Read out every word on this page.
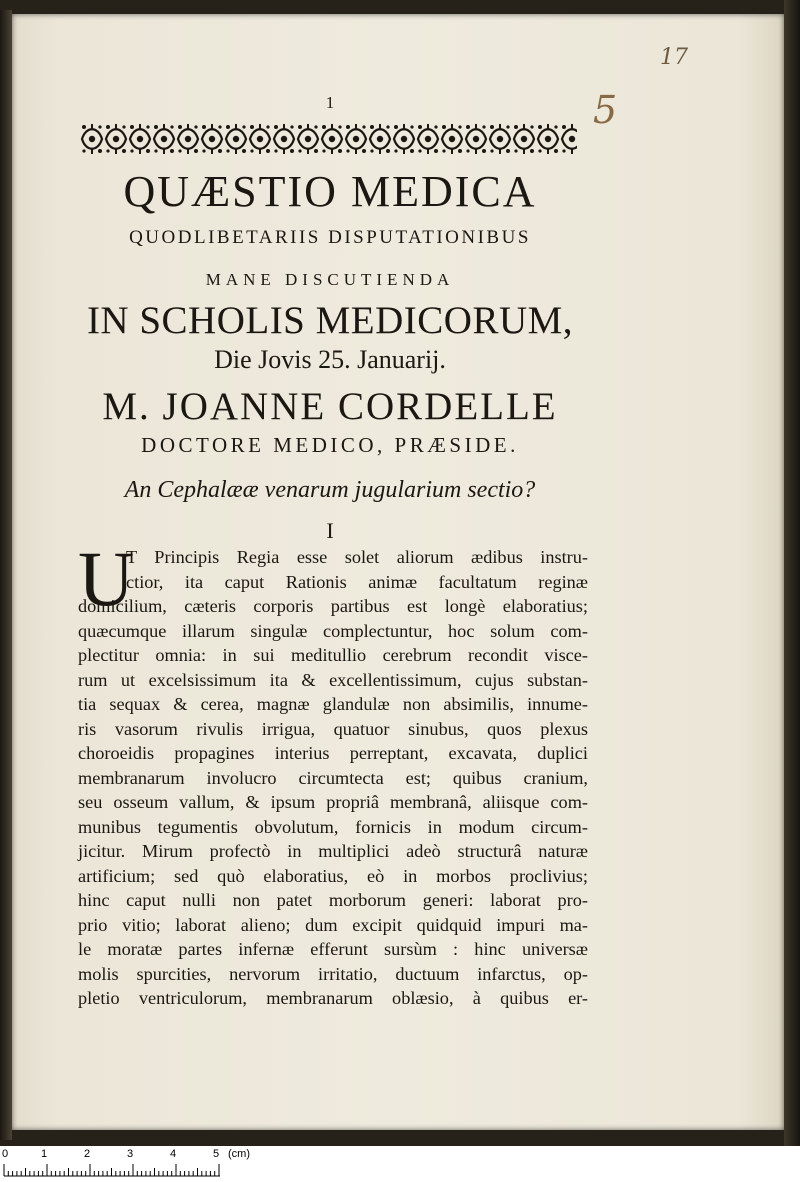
17
5
1
QUÆSTIO MEDICA
QUODLIBETARIIS DISPUTATIONIBUS
MANE DISCUTIENDA
IN SCHOLIS MEDICORUM,
Die Jovis 25. Januarij.
M. JOANNE CORDELLE
DOCTORE MEDICO, PRÆSIDE.
An Cephalææ venarum jugularium sectio?
I
U
T Principis Regia esse solet aliorum ædibus instru-
ctior, ita caput Rationis animæ facultatum reginæ
domicilium, cæteris corporis partibus est longè elaboratius;
quæcumque illarum singulæ complectuntur, hoc solum com-
plectitur omnia: in sui meditullio cerebrum recondit visce-
rum ut excelsissimum ita & excellentissimum, cujus substan-
tia sequax & cerea, magnæ glandulæ non absimilis, innume-
ris vasorum rivulis irrigua, quatuor sinubus, quos plexus
choroeidis propagines interius perreptant, excavata, duplici
membranarum involucro circumtecta est; quibus cranium,
seu osseum vallum, & ipsum propriâ membranâ, aliisque com-
munibus tegumentis obvolutum, fornicis in modum circum-
jicitur. Mirum profectò in multiplici adeò structurâ naturæ
artificium; sed quò elaboratius, eò in morbos proclivius;
hinc caput nulli non patet morborum generi: laborat pro-
prio vitio; laborat alieno; dum excipit quidquid impuri ma-
le moratæ partes infernæ efferunt sursùm : hinc universæ
molis spurcities, nervorum irritatio, ductuum infarctus, op-
pletio ventriculorum, membranarum oblæsio, à quibus er-
0	1	2	3	4	5 (cm)
